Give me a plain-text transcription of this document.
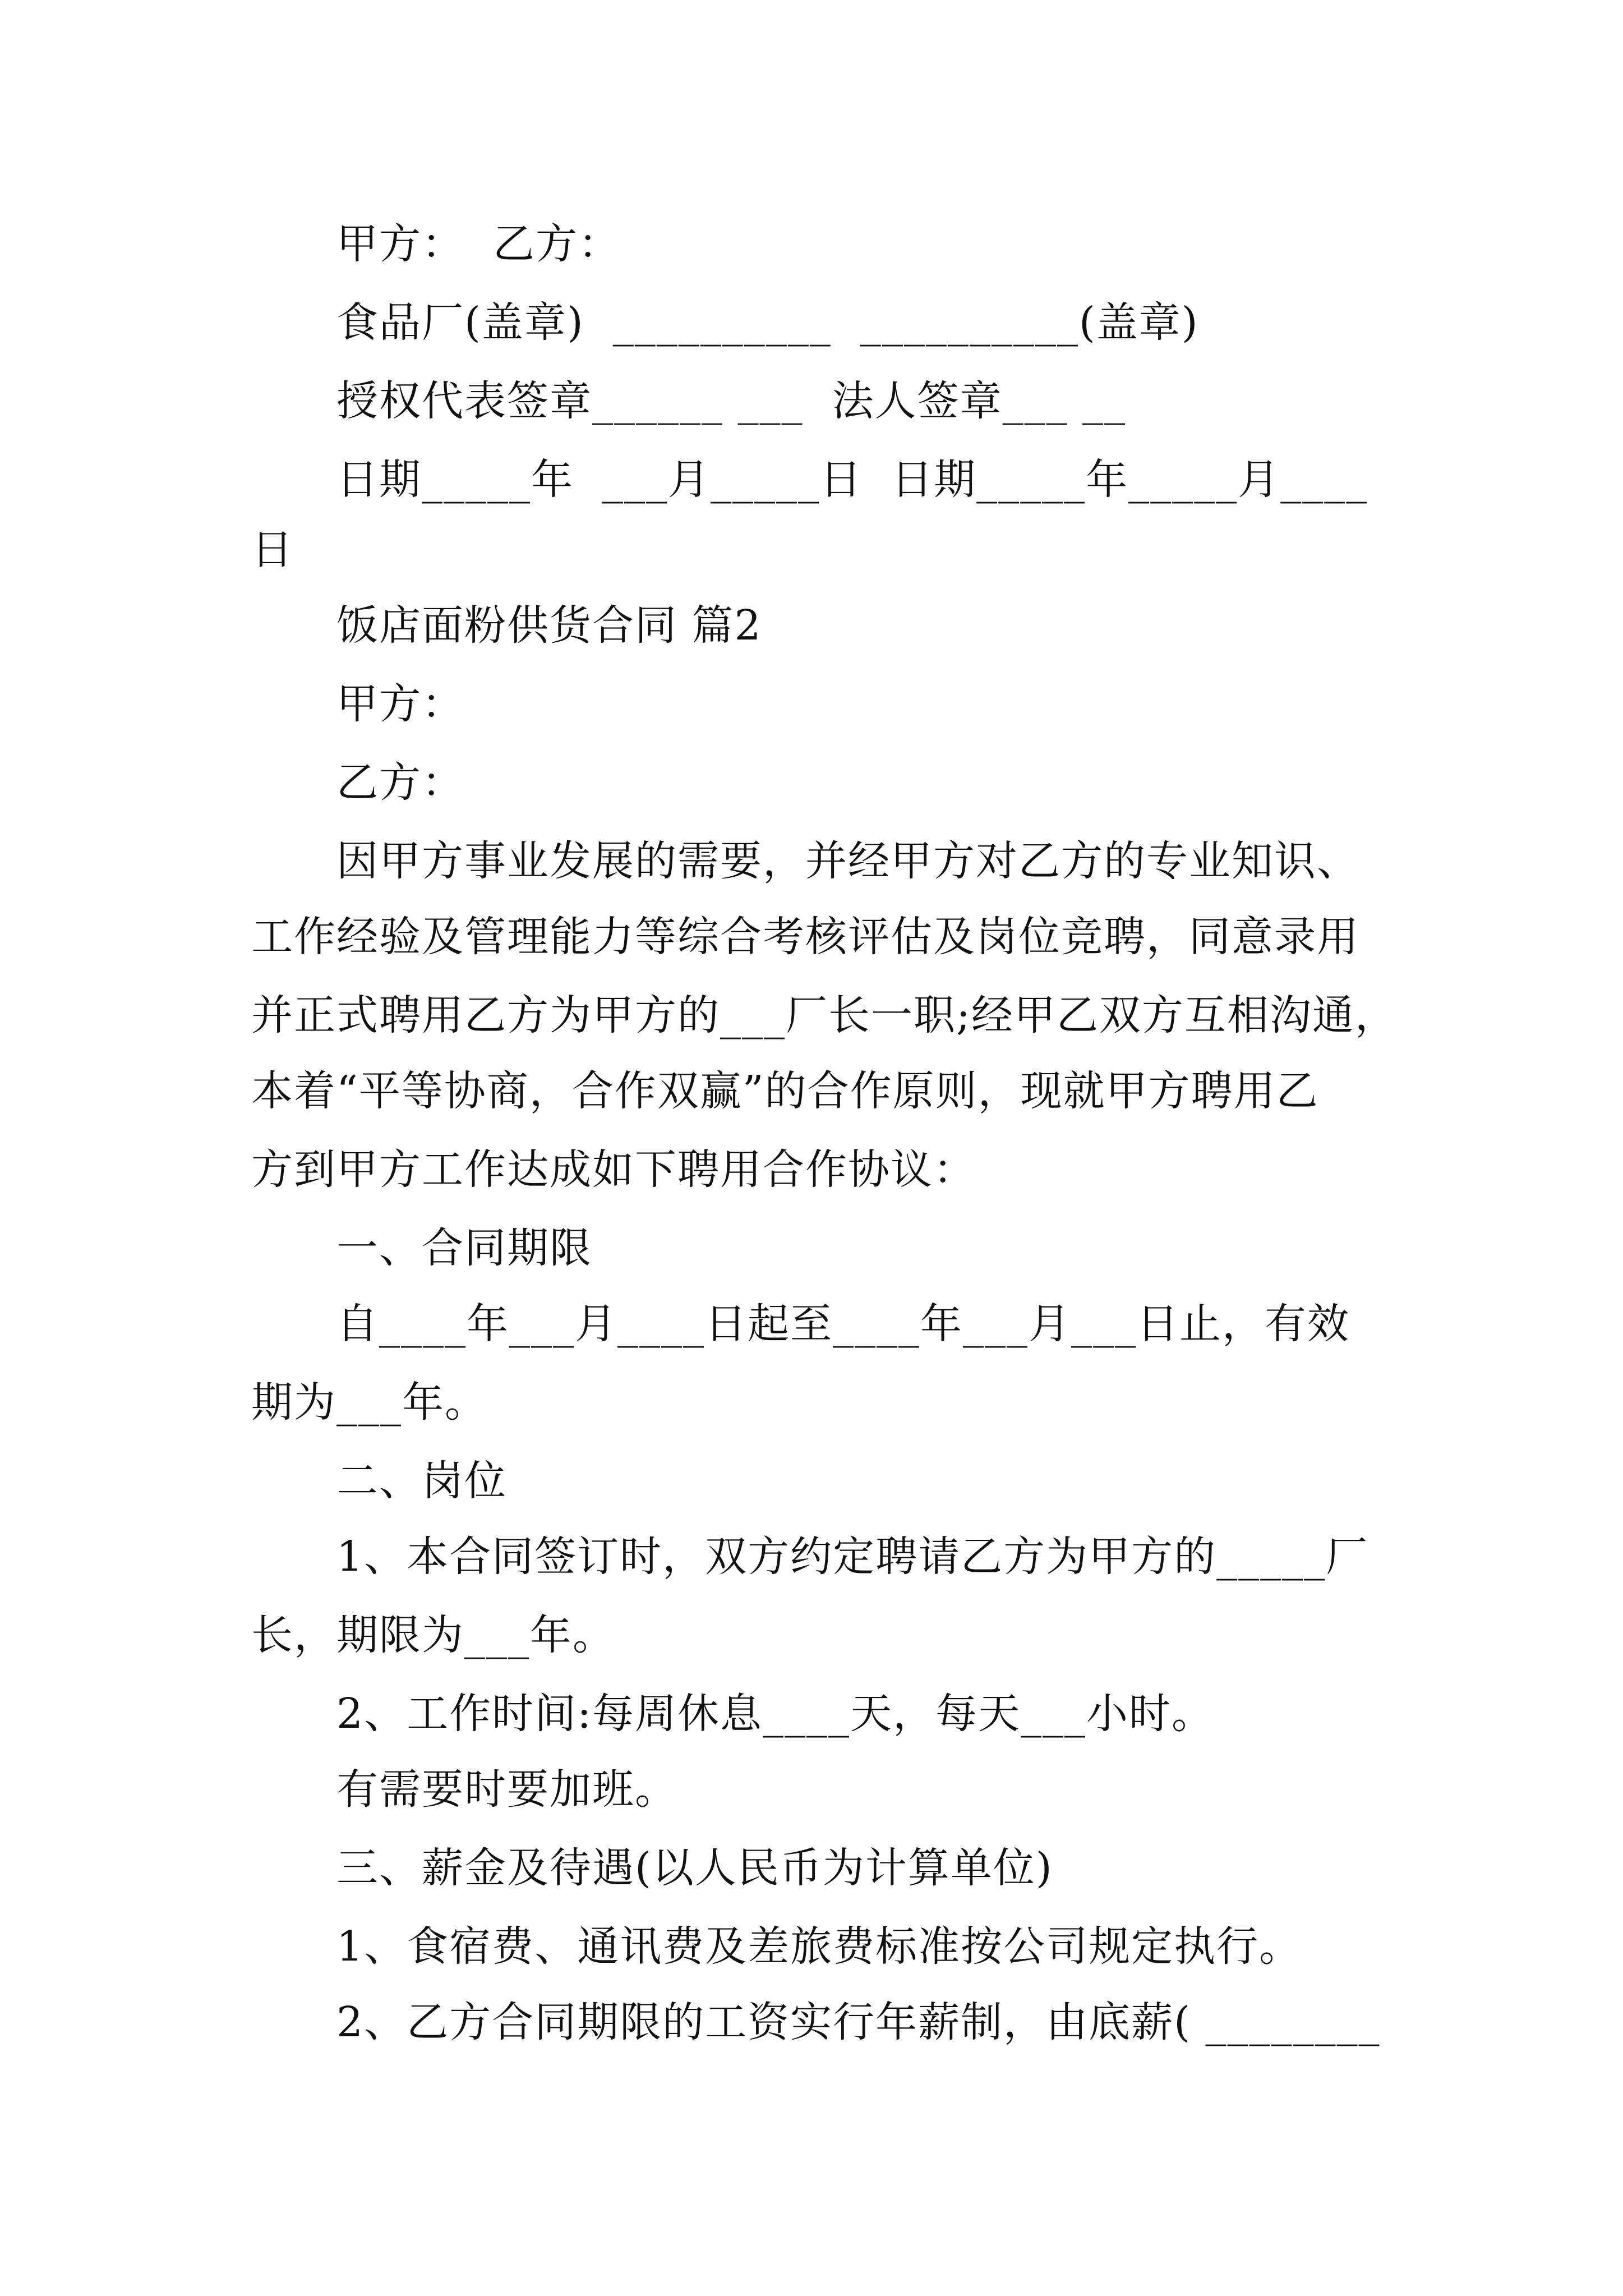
甲方：  乙方：
食品厂(盖章)  __________  __________(盖章)
授权代表签章______ ___  法人签章___ __
日期_____年  ___月_____日  日期_____年_____月____
日
饭店面粉供货合同 篇2
甲方：
乙方：
因甲方事业发展的需要，并经甲方对乙方的专业知识、
工作经验及管理能力等综合考核评估及岗位竞聘，同意录用
并正式聘用乙方为甲方的___厂长一职;经甲乙双方互相沟通，
本着“平等协商，合作双赢”的合作原则，现就甲方聘用乙
方到甲方工作达成如下聘用合作协议：
一、合同期限
自____年___月____日起至____年___月___日止，有效
期为___年。
二、岗位
1、本合同签订时，双方约定聘请乙方为甲方的_____厂
长，期限为___年。
2、工作时间:每周休息____天，每天___小时。
有需要时要加班。
三、薪金及待遇(以人民币为计算单位)
1、食宿费、通讯费及差旅费标准按公司规定执行。
2、乙方合同期限的工资实行年薪制，由底薪( ________
